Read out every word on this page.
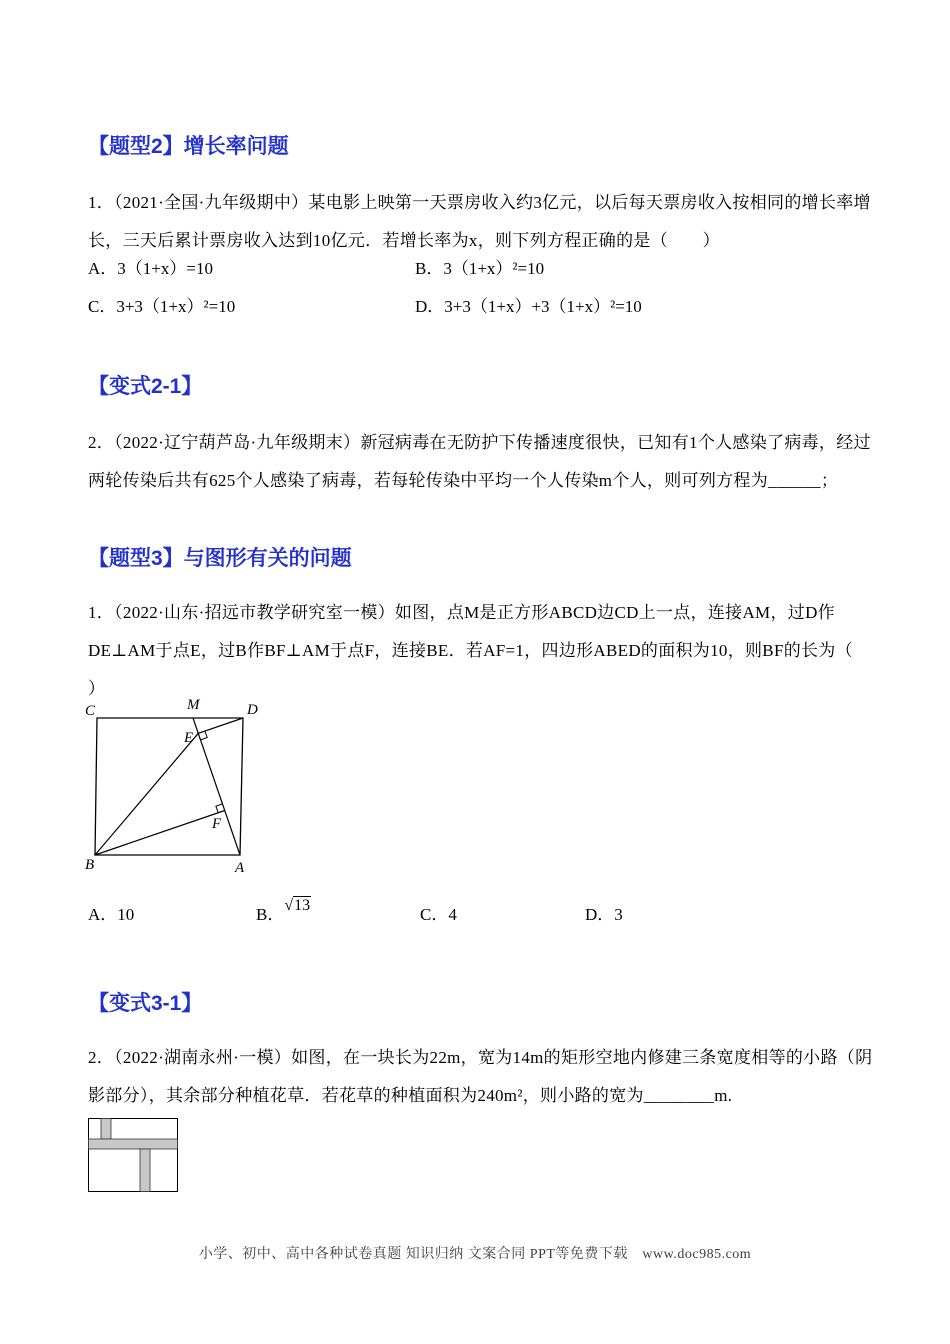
【题型2】增长率问题
1．（2021·全国·九年级期中）某电影上映第一天票房收入约3亿元，以后每天票房收入按相同的增长率增
长，三天后累计票房收入达到10亿元．若增长率为x，则下列方程正确的是（　　）
A．3（1+x）=10	B．3（1+x）²=10
C．3+3（1+x）²=10	D．3+3（1+x）+3（1+x）²=10
【变式2-1】
2．（2022·辽宁葫芦岛·九年级期末）新冠病毒在无防护下传播速度很快，已知有1个人感染了病毒，经过
两轮传染后共有625个人感染了病毒，若每轮传染中平均一个人传染m个人，则可列方程为______；
【题型3】与图形有关的问题
1．（2022·山东·招远市教学研究室一模）如图，点M是正方形ABCD边CD上一点，连接AM，过D作
DE⊥AM于点E，过B作BF⊥AM于点F，连接BE．若AF=1，四边形ABED的面积为10，则BF的长为（
）
C	M	D
E
B	A
F
A．10	B．√13	C．4	D．3
【变式3-1】
2．（2022·湖南永州·一模）如图，在一块长为22m，宽为14m的矩形空地内修建三条宽度相等的小路（阴
影部分），其余部分种植花草．若花草的种植面积为240m²，则小路的宽为________m.
小学、初中、高中各种试卷真题 知识归纳 文案合同 PPT等免费下载　www.doc985.com
